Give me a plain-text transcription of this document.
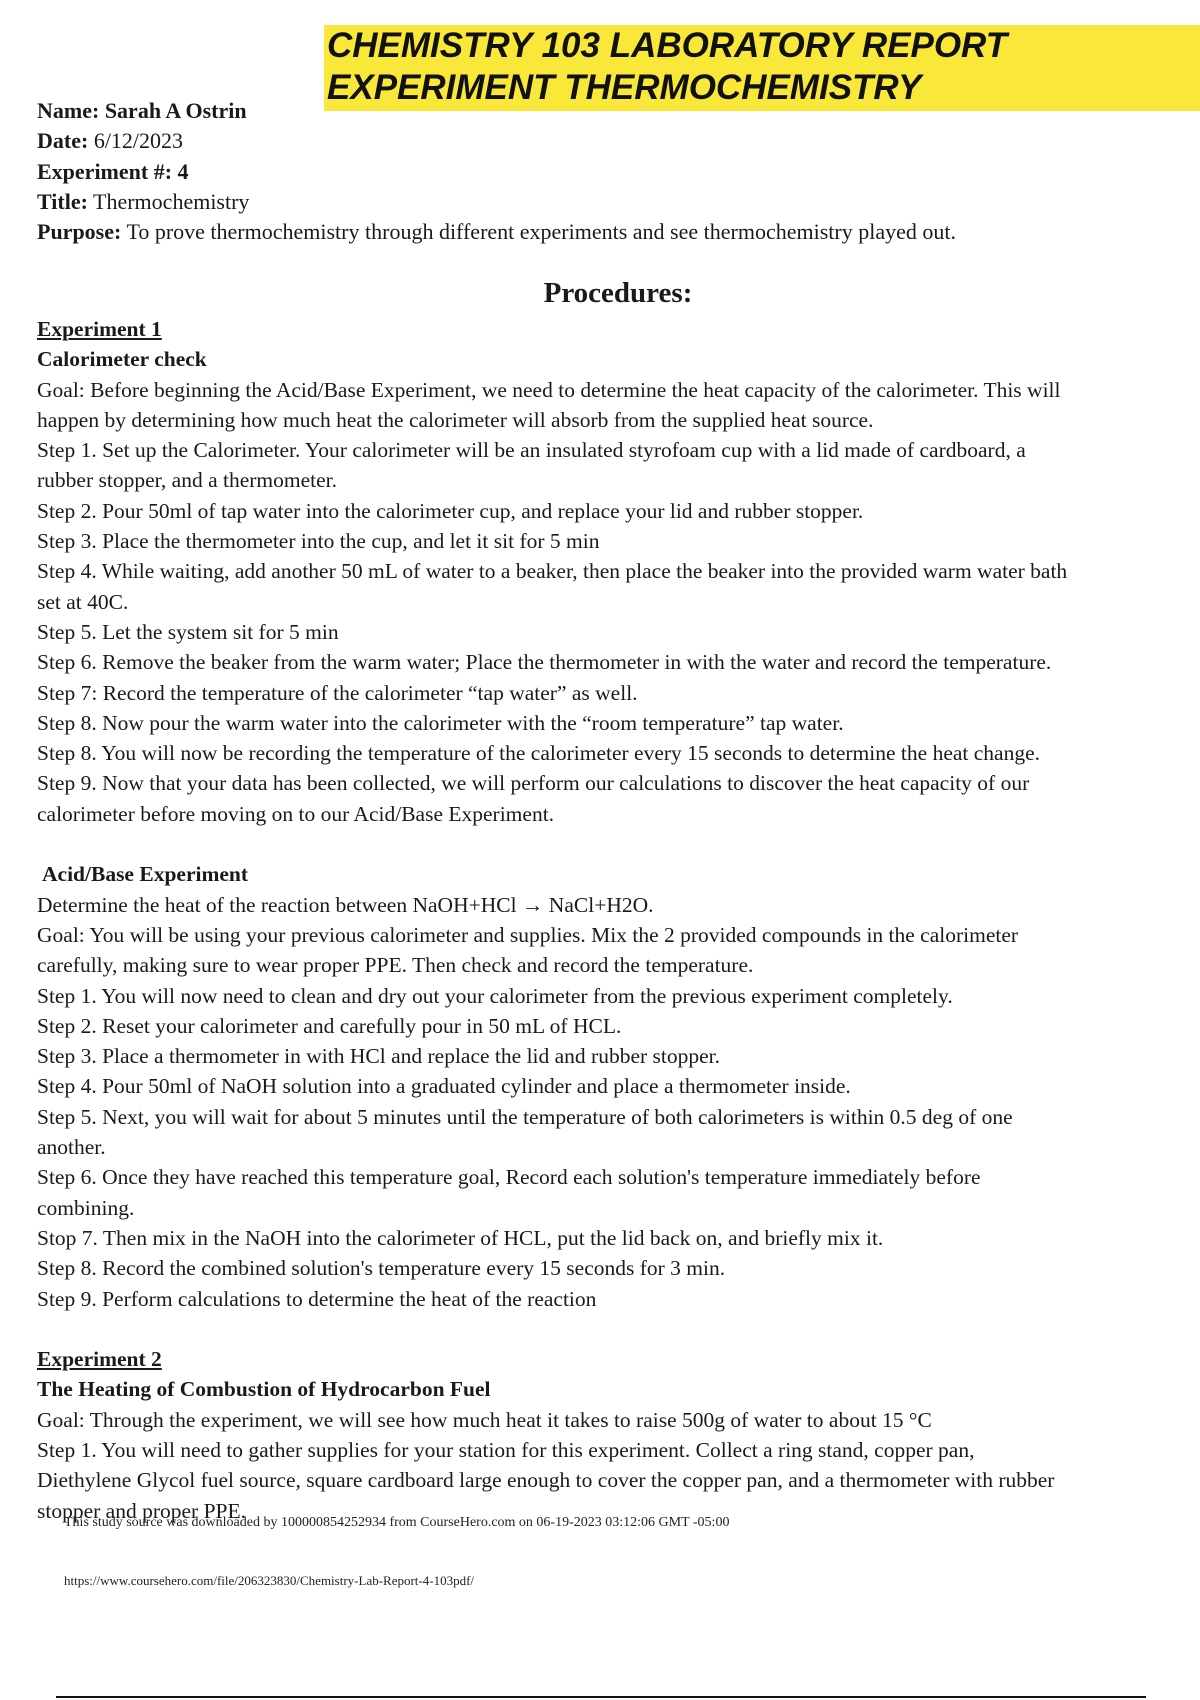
CHEMISTRY 103 LABORATORY REPORT
EXPERIMENT THERMOCHEMISTRY
Name: Sarah A Ostrin
Date: 6/12/2023
Experiment #: 4
Title: Thermochemistry
Purpose: To prove thermochemistry through different experiments and see thermochemistry played out.
Procedures:
Experiment 1
Calorimeter check
Goal: Before beginning the Acid/Base Experiment, we need to determine the heat capacity of the calorimeter. This will
happen by determining how much heat the calorimeter will absorb from the supplied heat source.
Step 1. Set up the Calorimeter. Your calorimeter will be an insulated styrofoam cup with a lid made of cardboard, a
rubber stopper, and a thermometer.
Step 2. Pour 50ml of tap water into the calorimeter cup, and replace your lid and rubber stopper.
Step 3. Place the thermometer into the cup, and let it sit for 5 min
Step 4. While waiting, add another 50 mL of water to a beaker, then place the beaker into the provided warm water bath
set at 40C.
Step 5. Let the system sit for 5 min
Step 6. Remove the beaker from the warm water; Place the thermometer in with the water and record the temperature.
Step 7: Record the temperature of the calorimeter “tap water” as well.
Step 8. Now pour the warm water into the calorimeter with the “room temperature” tap water.
Step 8. You will now be recording the temperature of the calorimeter every 15 seconds to determine the heat change.
Step 9. Now that your data has been collected, we will perform our calculations to discover the heat capacity of our
calorimeter before moving on to our Acid/Base Experiment.
Acid/Base Experiment
Determine the heat of the reaction between NaOH+HCl → NaCl+H2O.
Goal: You will be using your previous calorimeter and supplies. Mix the 2 provided compounds in the calorimeter
carefully, making sure to wear proper PPE. Then check and record the temperature.
Step 1. You will now need to clean and dry out your calorimeter from the previous experiment completely.
Step 2. Reset your calorimeter and carefully pour in 50 mL of HCL.
Step 3. Place a thermometer in with HCl and replace the lid and rubber stopper.
Step 4. Pour 50ml of NaOH solution into a graduated cylinder and place a thermometer inside.
Step 5. Next, you will wait for about 5 minutes until the temperature of both calorimeters is within 0.5 deg of one
another.
Step 6. Once they have reached this temperature goal, Record each solution's temperature immediately before
combining.
Stop 7. Then mix in the NaOH into the calorimeter of HCL, put the lid back on, and briefly mix it.
Step 8. Record the combined solution's temperature every 15 seconds for 3 min.
Step 9. Perform calculations to determine the heat of the reaction
Experiment 2
The Heating of Combustion of Hydrocarbon Fuel
Goal: Through the experiment, we will see how much heat it takes to raise 500g of water to about 15 °C
Step 1. You will need to gather supplies for your station for this experiment. Collect a ring stand, copper pan,
Diethylene Glycol fuel source, square cardboard large enough to cover the copper pan, and a thermometer with rubber
stopper and proper PPE.
This study source was downloaded by 100000854252934 from CourseHero.com on 06-19-2023 03:12:06 GMT -05:00
https://www.coursehero.com/file/206323830/Chemistry-Lab-Report-4-103pdf/
